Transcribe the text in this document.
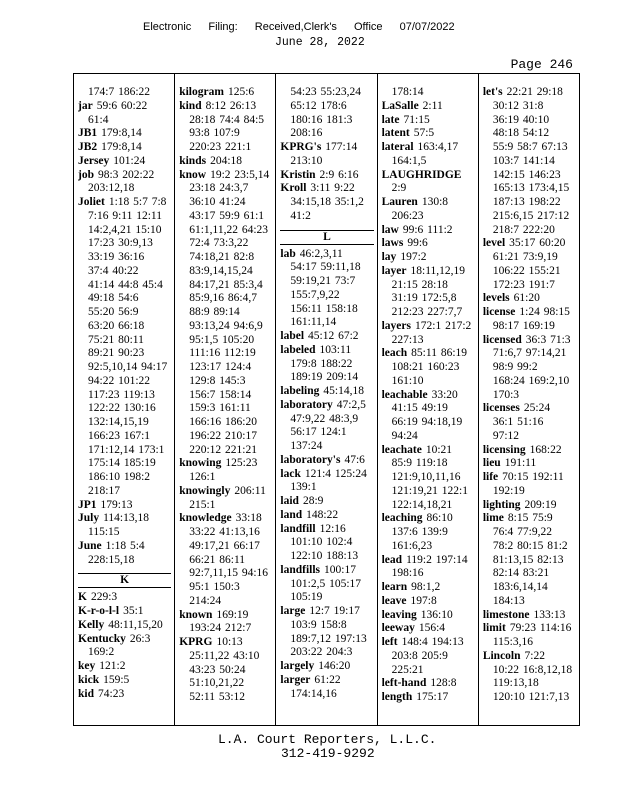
Electronic Filing: Received,Clerk's Office 07/07/2022
June 28, 2022
Page 246
174:7 186:22
jar 59:6 60:22
61:4
JB1 179:8,14
JB2 179:8,14
Jersey 101:24
job 98:3 202:22
203:12,18
Joliet 1:18 5:7 7:8
7:16 9:11 12:11
14:2,4,21 15:10
17:23 30:9,13
33:19 36:16
37:4 40:22
41:14 44:8 45:4
49:18 54:6
55:20 56:9
63:20 66:18
75:21 80:11
89:21 90:23
92:5,10,14 94:17
94:22 101:22
117:23 119:13
122:22 130:16
132:14,15,19
166:23 167:1
171:12,14 173:1
175:14 185:19
186:10 198:2
218:17
JP1 179:13
July 114:13,18
115:15
June 1:18 5:4
228:15,18
K
K 229:3
K-r-o-l-l 35:1
Kelly 48:11,15,20
Kentucky 26:3
169:2
key 121:2
kick 159:5
kid 74:23
kilogram 125:6
kind 8:12 26:13
28:18 74:4 84:5
93:8 107:9
220:23 221:1
kinds 204:18
know 19:2 23:5,14
23:18 24:3,7
36:10 41:24
43:17 59:9 61:1
61:1,11,22 64:23
72:4 73:3,22
74:18,21 82:8
83:9,14,15,24
84:17,21 85:3,4
85:9,16 86:4,7
88:9 89:14
93:13,24 94:6,9
95:1,5 105:20
111:16 112:19
123:17 124:4
129:8 145:3
156:7 158:14
159:3 161:11
166:16 186:20
196:22 210:17
220:12 221:21
knowing 125:23
126:1
knowingly 206:11
215:1
knowledge 33:18
33:22 41:13,16
49:17,21 66:17
66:21 86:11
92:7,11,15 94:16
95:1 150:3
214:24
known 169:19
193:24 212:7
KPRG 10:13
25:11,22 43:10
43:23 50:24
51:10,21,22
52:11 53:12
54:23 55:23,24
65:12 178:6
180:16 181:3
208:16
KPRG's 177:14
213:10
Kristin 2:9 6:16
Kroll 3:11 9:22
34:15,18 35:1,2
41:2
L
lab 46:2,3,11
54:17 59:11,18
59:19,21 73:7
155:7,9,22
156:11 158:18
161:11,14
label 45:12 67:2
labeled 103:11
179:8 188:22
189:19 209:14
labeling 45:14,18
laboratory 47:2,5
47:9,22 48:3,9
56:17 124:1
137:24
laboratory's 47:6
lack 121:4 125:24
139:1
laid 28:9
land 148:22
landfill 12:16
101:10 102:4
122:10 188:13
landfills 100:17
101:2,5 105:17
105:19
large 12:7 19:17
103:9 158:8
189:7,12 197:13
203:22 204:3
largely 146:20
larger 61:22
174:14,16
178:14
LaSalle 2:11
late 71:15
latent 57:5
lateral 163:4,17
164:1,5
LAUGHRIDGE
2:9
Lauren 130:8
206:23
law 99:6 111:2
laws 99:6
lay 197:2
layer 18:11,12,19
21:15 28:18
31:19 172:5,8
212:23 227:7,7
layers 172:1 217:2
227:13
leach 85:11 86:19
108:21 160:23
161:10
leachable 33:20
41:15 49:19
66:19 94:18,19
94:24
leachate 10:21
85:9 119:18
121:9,10,11,16
121:19,21 122:1
122:14,18,21
leaching 86:10
137:6 139:9
161:6,23
lead 119:2 197:14
198:16
learn 98:1,2
leave 197:8
leaving 136:10
leeway 156:4
left 148:4 194:13
203:8 205:9
225:21
left-hand 128:8
length 175:17
let's 22:21 29:18
30:12 31:8
36:19 40:10
48:18 54:12
55:9 58:7 67:13
103:7 141:14
142:15 146:23
165:13 173:4,15
187:13 198:22
215:6,15 217:12
218:7 222:20
level 35:17 60:20
61:21 73:9,19
106:22 155:21
172:23 191:7
levels 61:20
license 1:24 98:15
98:17 169:19
licensed 36:3 71:3
71:6,7 97:14,21
98:9 99:2
168:24 169:2,10
170:3
licenses 25:24
36:1 51:16
97:12
licensing 168:22
lieu 191:11
life 70:15 192:11
192:19
lighting 209:19
lime 8:15 75:9
76:4 77:9,22
78:2 80:15 81:2
81:13,15 82:13
82:14 83:21
183:6,14,14
184:13
limestone 133:13
limit 79:23 114:16
115:3,16
Lincoln 7:22
10:22 16:8,12,18
119:13,18
120:10 121:7,13
L.A. Court Reporters, L.L.C.
312-419-9292
